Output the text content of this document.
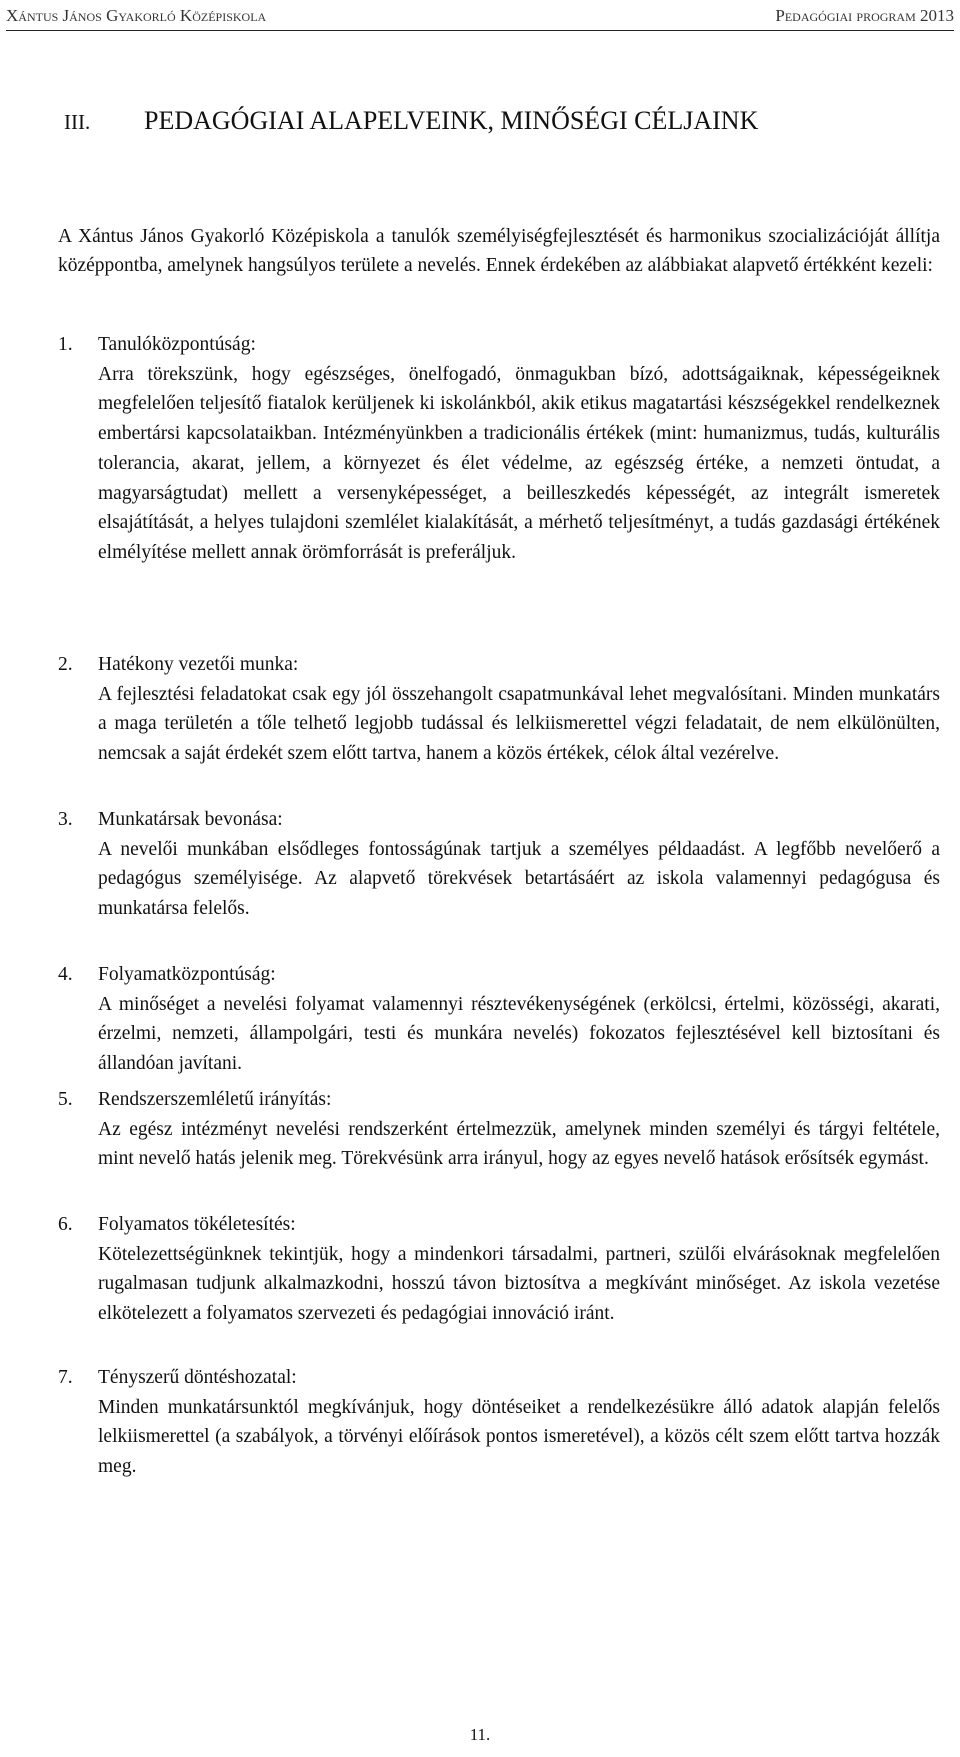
Xántus János Gyakorló Középiskola	Pedagógiai program 2013
III. PEDAGÓGIAI ALAPELVEINK, MINŐSÉGI CÉLJAINK

A Xántus János Gyakorló Középiskola a tanulók személyiségfejlesztését és harmonikus szocializációját állítja középpontba, amelynek hangsúlyos területe a nevelés. Ennek érdekében az alábbiakat alapvető értékként kezeli:

1.	Tanulóközpontúság:
Arra törekszünk, hogy egészséges, önelfogadó, önmagukban bízó, adottságaiknak, képességeiknek megfelelően teljesítő fiatalok kerüljenek ki iskolánkból, akik etikus magatartási készségekkel rendelkeznek embertársi kapcsolataikban. Intézményünkben a tradicionális értékek (mint: humanizmus, tudás, kulturális tolerancia, akarat, jellem, a környezet és élet védelme, az egészség értéke, a nemzeti öntudat, a magyarságtudat) mellett a versenyképességet, a beilleszkedés képességét, az integrált ismeretek elsajátítását, a helyes tulajdoni szemlélet kialakítását, a mérhető teljesítményt, a tudás gazdasági értékének elmélyítése mellett annak örömforrását is preferáljuk.
2.	Hatékony vezetői munka:
A fejlesztési feladatokat csak egy jól összehangolt csapatmunkával lehet megvalósítani. Minden munkatárs a maga területén a tőle telhető legjobb tudással és lelkiismerettel végzi feladatait, de nem elkülönülten, nemcsak a saját érdekét szem előtt tartva, hanem a közös értékek, célok által vezérelve.
3.	Munkatársak bevonása:
A nevelői munkában elsődleges fontosságúnak tartjuk a személyes példaadást. A legfőbb nevelőerő a pedagógus személyisége. Az alapvető törekvések betartásáért az iskola valamennyi pedagógusa és munkatársa felelős.
4.	Folyamatközpontúság:
A minőséget a nevelési folyamat valamennyi résztevékenységének (erkölcsi, értelmi, közösségi, akarati, érzelmi, nemzeti, állampolgári, testi és munkára nevelés) fokozatos fejlesztésével kell biztosítani és állandóan javítani.
5.	Rendszerszemléletű irányítás:
Az egész intézményt nevelési rendszerként értelmezzük, amelynek minden személyi és tárgyi feltétele, mint nevelő hatás jelenik meg. Törekvésünk arra irányul, hogy az egyes nevelő hatások erősítsék egymást.
6.	Folyamatos tökéletesítés:
Kötelezettségünknek tekintjük, hogy a mindenkori társadalmi, partneri, szülői elvárásoknak megfelelően rugalmasan tudjunk alkalmazkodni, hosszú távon biztosítva a megkívánt minőséget. Az iskola vezetése elkötelezett a folyamatos szervezeti és pedagógiai innováció iránt.
7.	Tényszerű döntéshozatal:
Minden munkatársunktól megkívánjuk, hogy döntéseiket a rendelkezésükre álló adatok alapján felelős lelkiismerettel (a szabályok, a törvényi előírások pontos ismeretével), a közös célt szem előtt tartva hozzák meg.
11.
